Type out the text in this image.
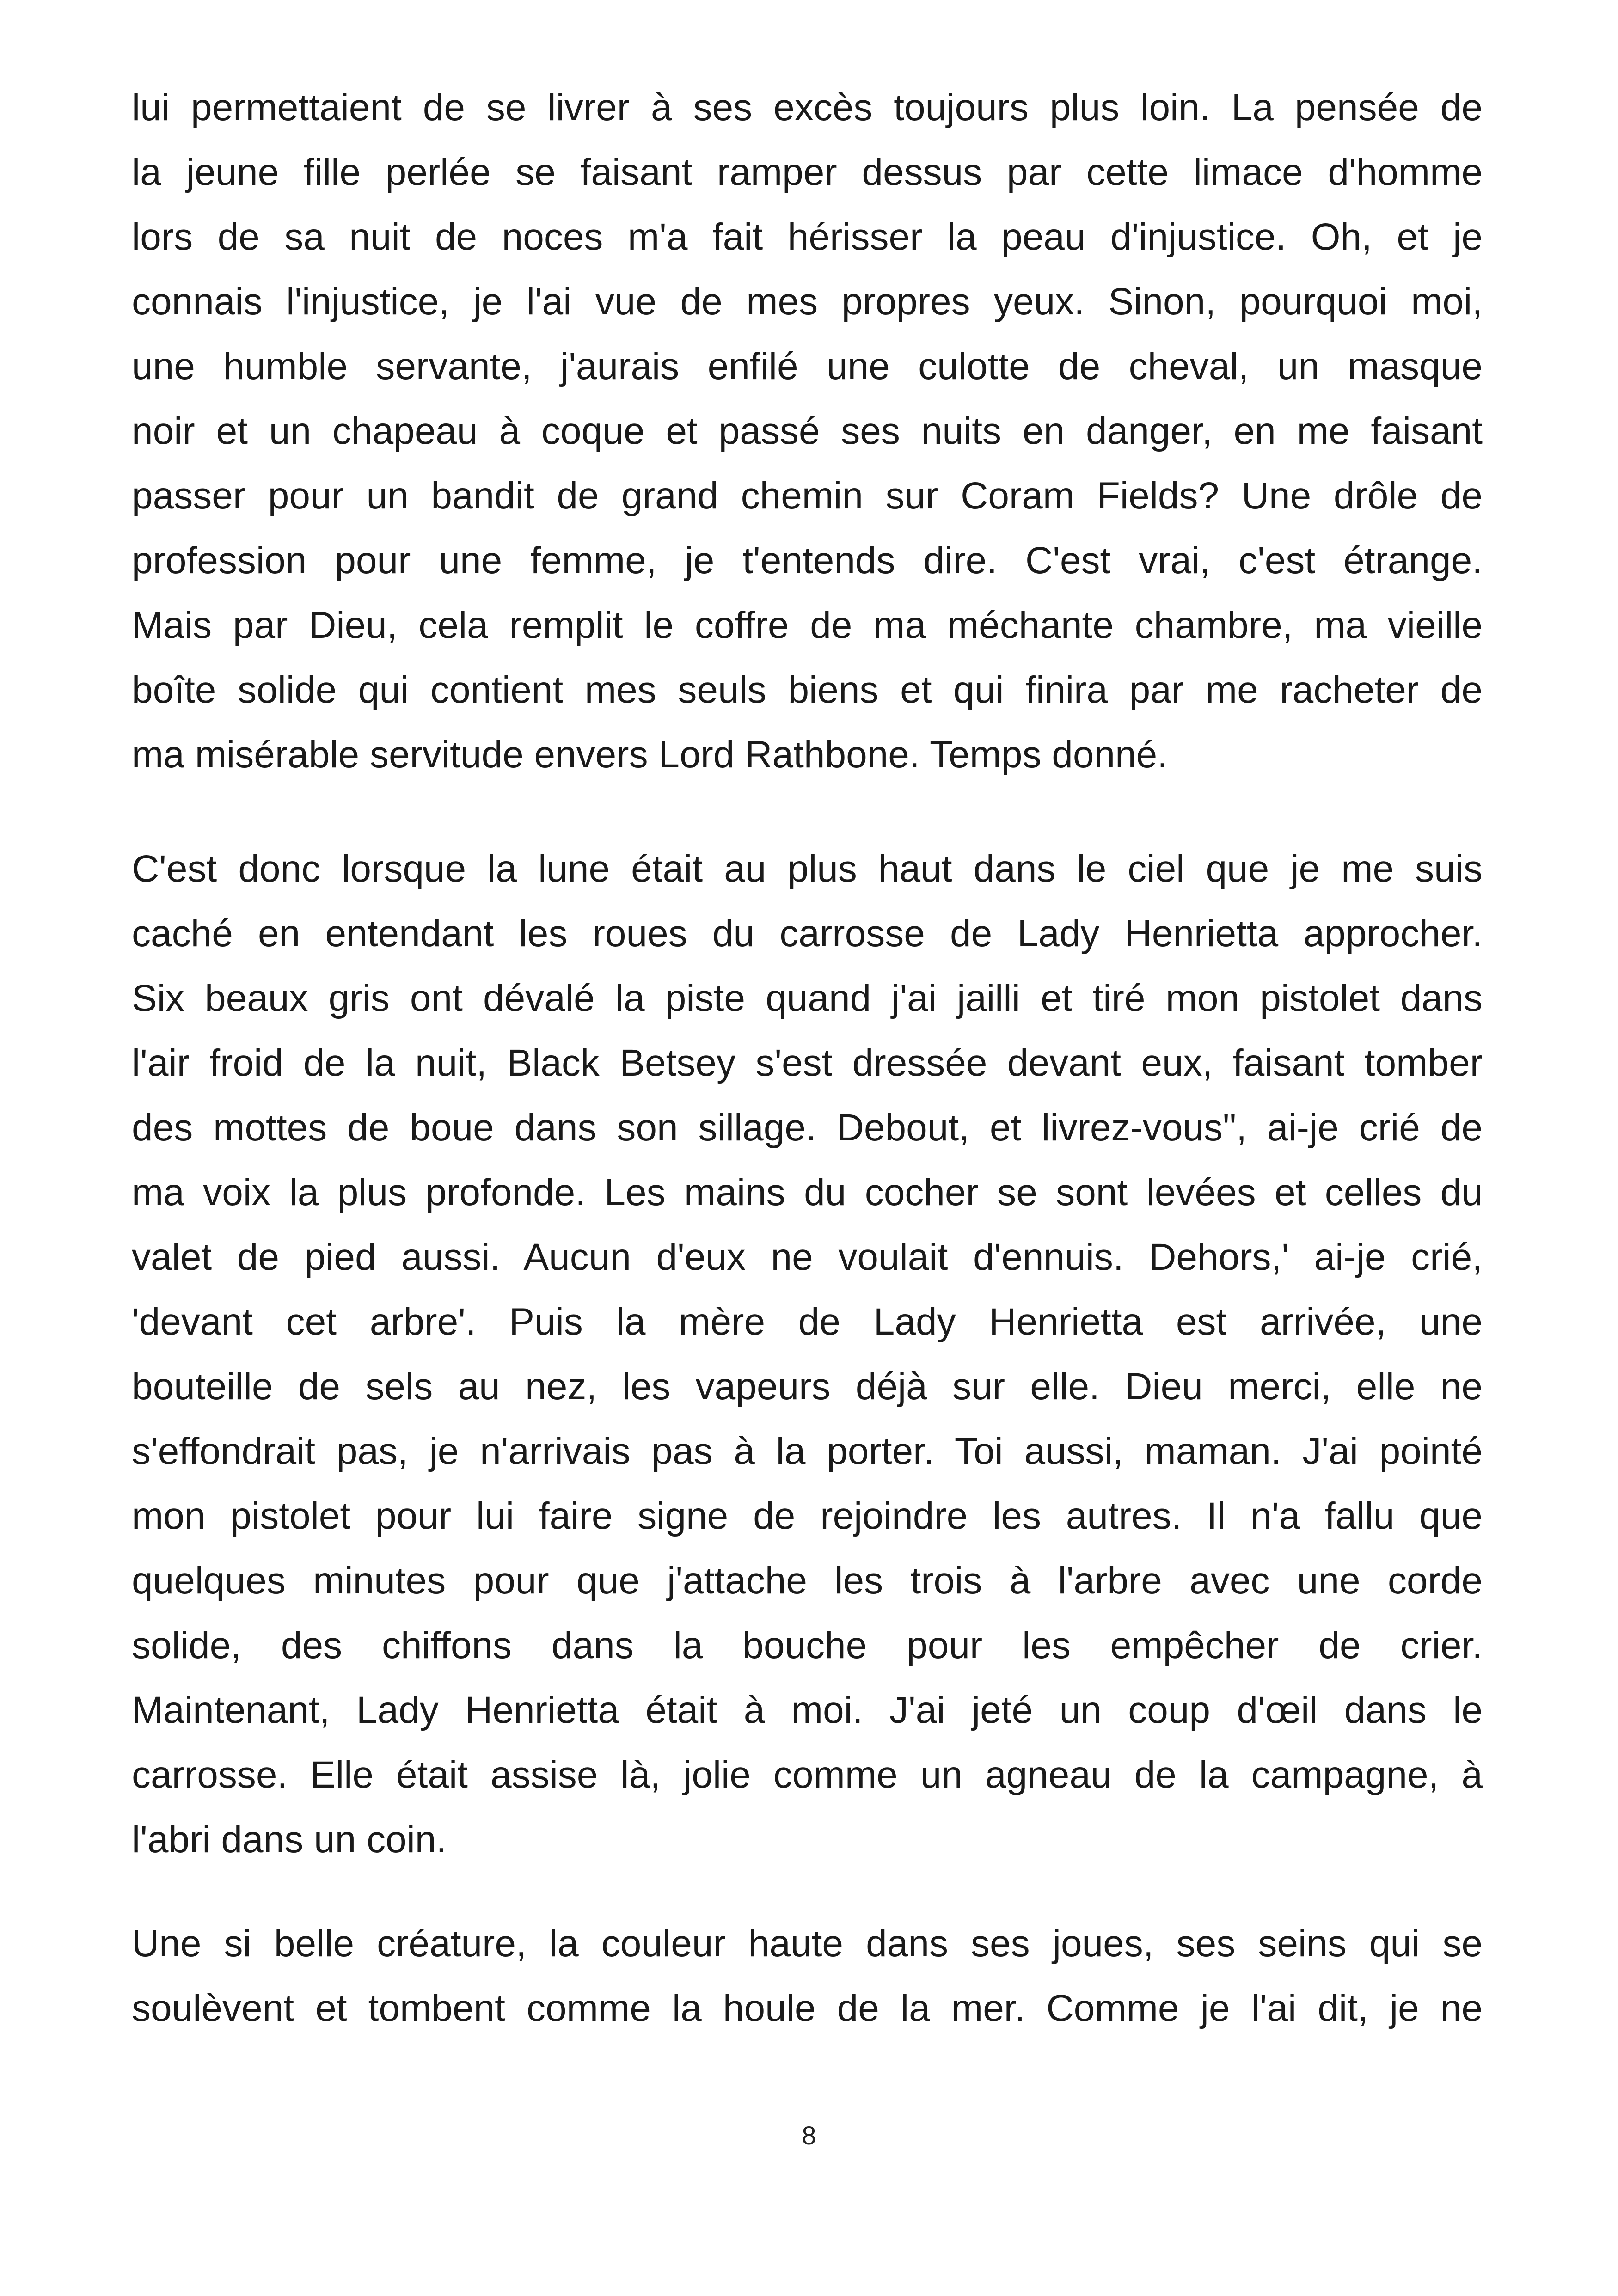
lui permettaient de se livrer à ses excès toujours plus loin. La pensée de
la jeune fille perlée se faisant ramper dessus par cette limace d'homme
lors de sa nuit de noces m'a fait hérisser la peau d'injustice. Oh, et je
connais l'injustice, je l'ai vue de mes propres yeux. Sinon, pourquoi moi,
une humble servante, j'aurais enfilé une culotte de cheval, un masque
noir et un chapeau à coque et passé ses nuits en danger, en me faisant
passer pour un bandit de grand chemin sur Coram Fields? Une drôle de
profession pour une femme, je t'entends dire. C'est vrai, c'est étrange.
Mais par Dieu, cela remplit le coffre de ma méchante chambre, ma vieille
boîte solide qui contient mes seuls biens et qui finira par me racheter de
ma misérable servitude envers Lord Rathbone. Temps donné.
C'est donc lorsque la lune était au plus haut dans le ciel que je me suis
caché en entendant les roues du carrosse de Lady Henrietta approcher.
Six beaux gris ont dévalé la piste quand j'ai jailli et tiré mon pistolet dans
l'air froid de la nuit, Black Betsey s'est dressée devant eux, faisant tomber
des mottes de boue dans son sillage. Debout, et livrez-vous", ai-je crié de
ma voix la plus profonde. Les mains du cocher se sont levées et celles du
valet de pied aussi. Aucun d'eux ne voulait d'ennuis. Dehors,' ai-je crié,
'devant cet arbre'. Puis la mère de Lady Henrietta est arrivée, une
bouteille de sels au nez, les vapeurs déjà sur elle. Dieu merci, elle ne
s'effondrait pas, je n'arrivais pas à la porter. Toi aussi, maman. J'ai pointé
mon pistolet pour lui faire signe de rejoindre les autres. Il n'a fallu que
quelques minutes pour que j'attache les trois à l'arbre avec une corde
solide, des chiffons dans la bouche pour les empêcher de crier.
Maintenant, Lady Henrietta était à moi. J'ai jeté un coup d'œil dans le
carrosse. Elle était assise là, jolie comme un agneau de la campagne, à
l'abri dans un coin.
Une si belle créature, la couleur haute dans ses joues, ses seins qui se
soulèvent et tombent comme la houle de la mer. Comme je l'ai dit, je ne
8
